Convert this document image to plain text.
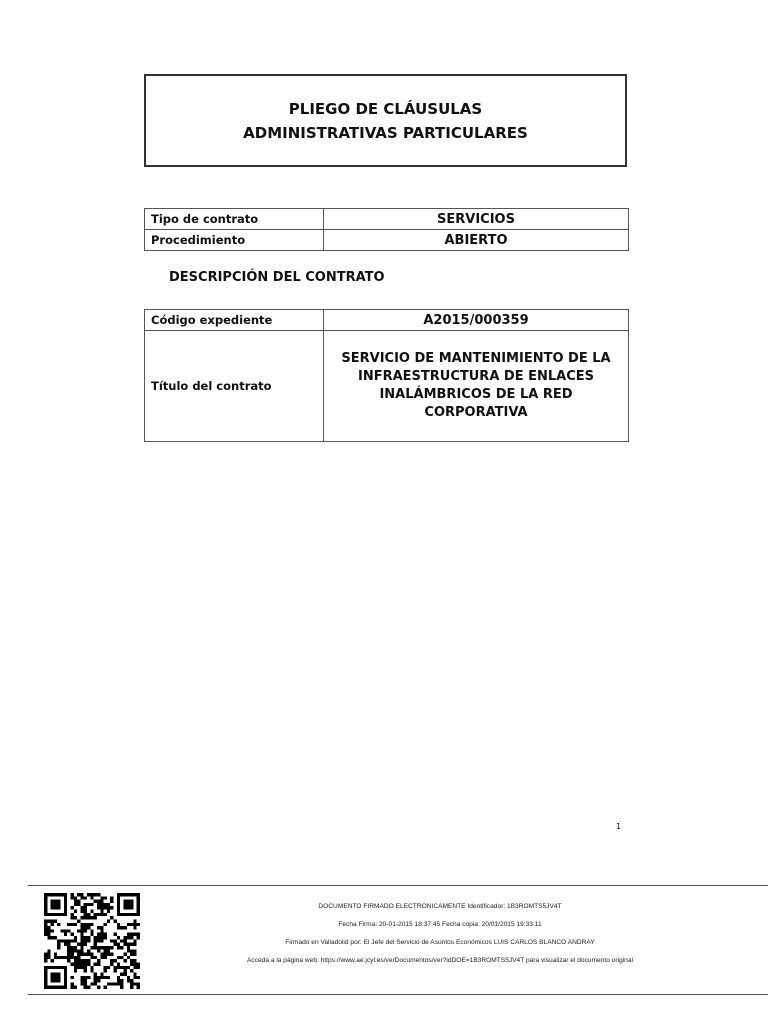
PLIEGO DE CLÁUSULAS
ADMINISTRATIVAS PARTICULARES
Tipo de contrato	SERVICIOS
Procedimiento	ABIERTO
DESCRIPCIÓN DEL CONTRATO
Código expediente	A2015/000359
Título del contrato	SERVICIO DE MANTENIMIENTO DE LA
INFRAESTRUCTURA DE ENLACES
INALÁMBRICOS DE LA RED
CORPORATIVA
1
DOCUMENTO FIRMADO ELECTRONICAMENTE Identificador: 1B3ROMTS5JV4T
Fecha Firma: 20-01-2015 18:37:45 Fecha copia: 20/01/2015 19:33:11
Firmado en Valladolid por: El Jefe del Servicio de Asuntos Económicos LUIS CARLOS BLANCO ANDRAY
Acceda a la página web: https://www.ae.jcyl.es/verDocumentos/ver?idDOE=1B3ROMTS5JV4T para visualizar el documento original
